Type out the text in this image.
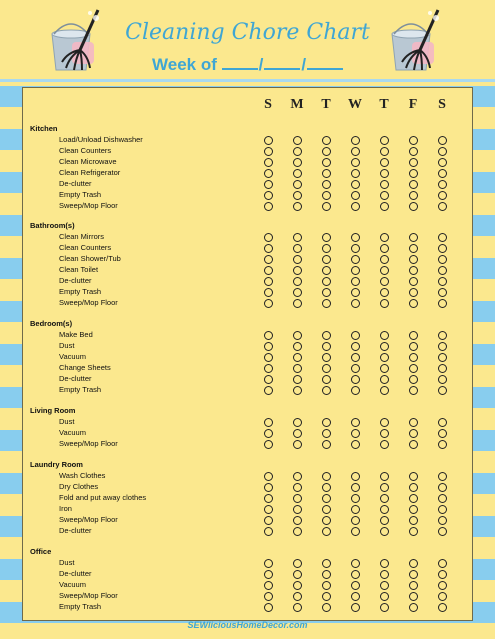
Cleaning Chore Chart
Week of / /
S	M	T	W	T	F	S
Kitchen
Load/Unload Dishwasher
Clean Counters
Clean Microwave
Clean Refrigerator
De-clutter
Empty Trash
Sweep/Mop Floor
Bathroom(s)
Clean Mirrors
Clean Counters
Clean Shower/Tub
Clean Toilet
De-clutter
Empty Trash
Sweep/Mop Floor
Bedroom(s)
Make Bed
Dust
Vacuum
Change Sheets
De-clutter
Empty Trash
Living Room
Dust
Vacuum
Sweep/Mop Floor
Laundry Room
Wash Clothes
Dry Clothes
Fold and put away clothes
Iron
Sweep/Mop Floor
De-clutter
Office
Dust
De-clutter
Vacuum
Sweep/Mop Floor
Empty Trash
SEWliciousHomeDecor.com
